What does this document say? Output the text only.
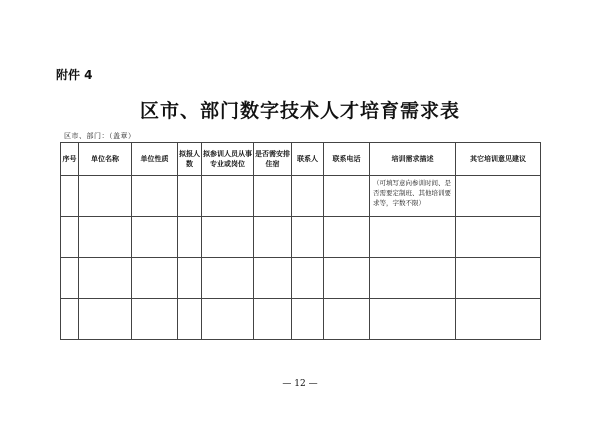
附件 4
区市、部门数字技术人才培育需求表
区市、部门：（盖章）
序号	单位名称	单位性质	拟报人数	拟参训人员从事专业或岗位	是否需安排住宿	联系人	联系电话	培训需求描述	其它培训意见建议

								（可填写意向参训时间、是否需要定制班、其他培训要求等，字数不限）	

— 12 —
